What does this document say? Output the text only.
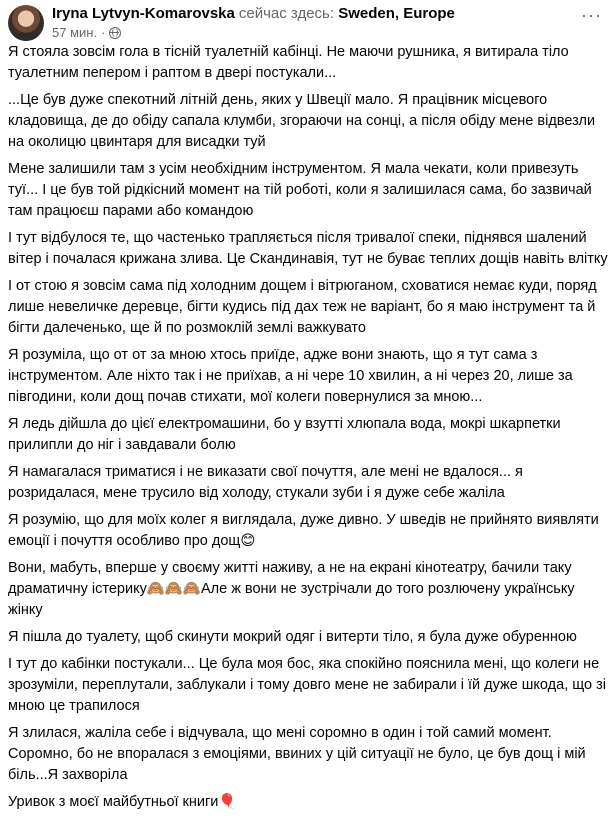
Iryna Lytvyn-Komarovska сейчас здесь: Sweden, Europe
57 мин. ·
···

Я стояла зовсім гола в тісній туалетній кабінці. Не маючи рушника, я витирала тіло туалетним пепером і раптом в двері постукали...

...Це був дуже спекотний літній день, яких у Швеції мало. Я працівник місцевого кладовища, де до обіду сапала клумби, згораючи на сонці, а після обіду мене відвезли на околицю цвинтаря для висадки туй

Мене залишили там з усім необхідним інструментом. Я мала чекати, коли привезуть туї... І це був той рідкісний момент на тій роботі, коли я залишилася сама, бо зазвичай там працюєш парами або командою

І тут відбулося те, що частенько трапляється після тривалої спеки, піднявся шалений вітер і почалася крижана злива. Це Скандинавія, тут не буває теплих дощів навіть влітку

І от стою я зовсім сама під холодним дощем і вітрюганом, сховатися немає куди, поряд лише невеличке деревце, бігти кудись під дах теж не варіант, бо я маю інструмент та й бігти далеченько, ще й по розмоклій землі важкувато

Я розуміла, що от от за мною хтось приїде, адже вони знають, що я тут сама з інструментом. Але ніхто так і не приїхав, а ні чере 10 хвилин, а ні через 20, лише за півгодини, коли дощ почав стихати, мої колеги повернулися за мною...

Я ледь дійшла до цієї електромашини, бо у взутті хлюпала вода, мокрі шкарпетки прилипли до ніг і завдавали болю

Я намагалася триматися і не виказати свої почуття, але мені не вдалося... я розридалася, мене трусило від холоду, стукали зуби і я дуже себе жаліла

Я розумію, що для моїх колег я виглядала, дуже дивно. У шведів не прийнято виявляти емоції і почуття особливо про дощ😊

Вони, мабуть, вперше у своєму житті наживу, а не на екрані кінотеатру, бачили таку драматичну істерику🙈🙈🙈Але ж вони не зустрічали до того розлючену українську жінку

Я пішла до туалету, щоб скинути мокрий одяг і витерти тіло, я була дуже обуренною

І тут до кабінки постукали... Це була моя бос, яка спокійно пояснила мені, що колеги не зрозуміли, переплутали, заблукали і тому довго мене не забирали і їй дуже шкода, що зі мною це трапилося

Я злилася, жаліла себе і відчувала, що мені соромно в один і той самий момент. Соромно, бо не впоралася з емоціями, ввиних у цій ситуації не було, це був дощ і мій біль...Я захворіла

Уривок з моєї майбутньої книги🎈
